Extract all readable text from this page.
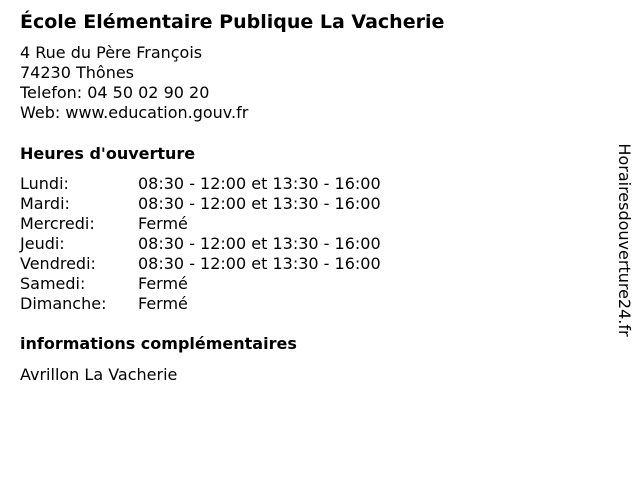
École Elémentaire Publique La Vacherie
4 Rue du Père François
74230 Thônes
Telefon: 04 50 02 90 20
Web: www.education.gouv.fr
Heures d'ouverture
Lundi:	08:30 - 12:00 et 13:30 - 16:00
Mardi:	08:30 - 12:00 et 13:30 - 16:00
Mercredi:	Fermé
Jeudi:	08:30 - 12:00 et 13:30 - 16:00
Vendredi:	08:30 - 12:00 et 13:30 - 16:00
Samedi:	Fermé
Dimanche:	Fermé
informations complémentaires
Avrillon La Vacherie
Horairesdouverture24.fr
